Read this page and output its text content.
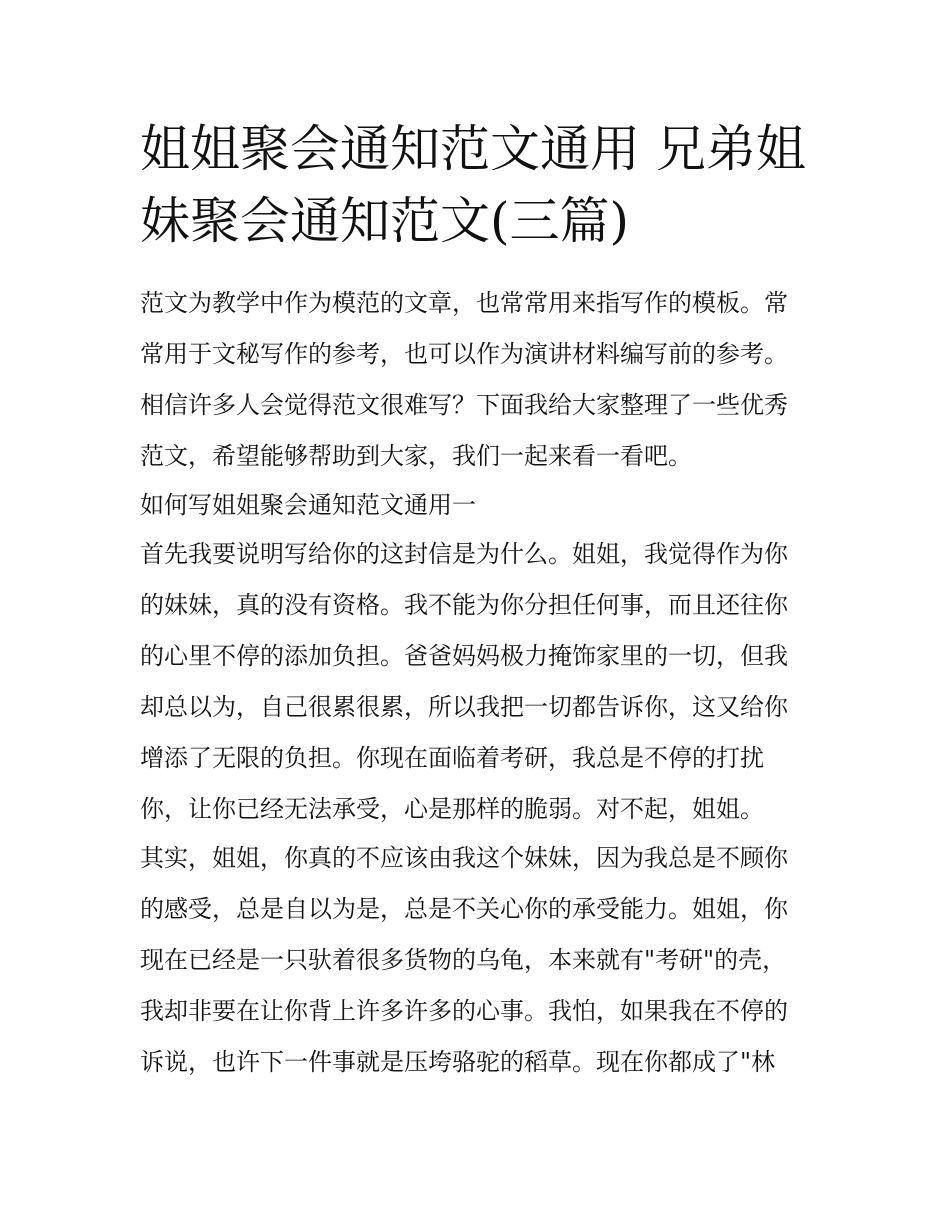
姐姐聚会通知范文通用 兄弟姐
妹聚会通知范文(三篇)
范文为教学中作为模范的文章，也常常用来指写作的模板。常
常用于文秘写作的参考，也可以作为演讲材料编写前的参考。
相信许多人会觉得范文很难写？下面我给大家整理了一些优秀
范文，希望能够帮助到大家，我们一起来看一看吧。
如何写姐姐聚会通知范文通用一
首先我要说明写给你的这封信是为什么。姐姐，我觉得作为你
的妹妹，真的没有资格。我不能为你分担任何事，而且还往你
的心里不停的添加负担。爸爸妈妈极力掩饰家里的一切，但我
却总以为，自己很累很累，所以我把一切都告诉你，这又给你
增添了无限的负担。你现在面临着考研，我总是不停的打扰
你，让你已经无法承受，心是那样的脆弱。对不起，姐姐。
其实，姐姐，你真的不应该由我这个妹妹，因为我总是不顾你
的感受，总是自以为是，总是不关心你的承受能力。姐姐，你
现在已经是一只驮着很多货物的乌龟，本来就有"考研"的壳，
我却非要在让你背上许多许多的心事。我怕，如果我在不停的
诉说，也许下一件事就是压垮骆驼的稻草。现在你都成了"林
